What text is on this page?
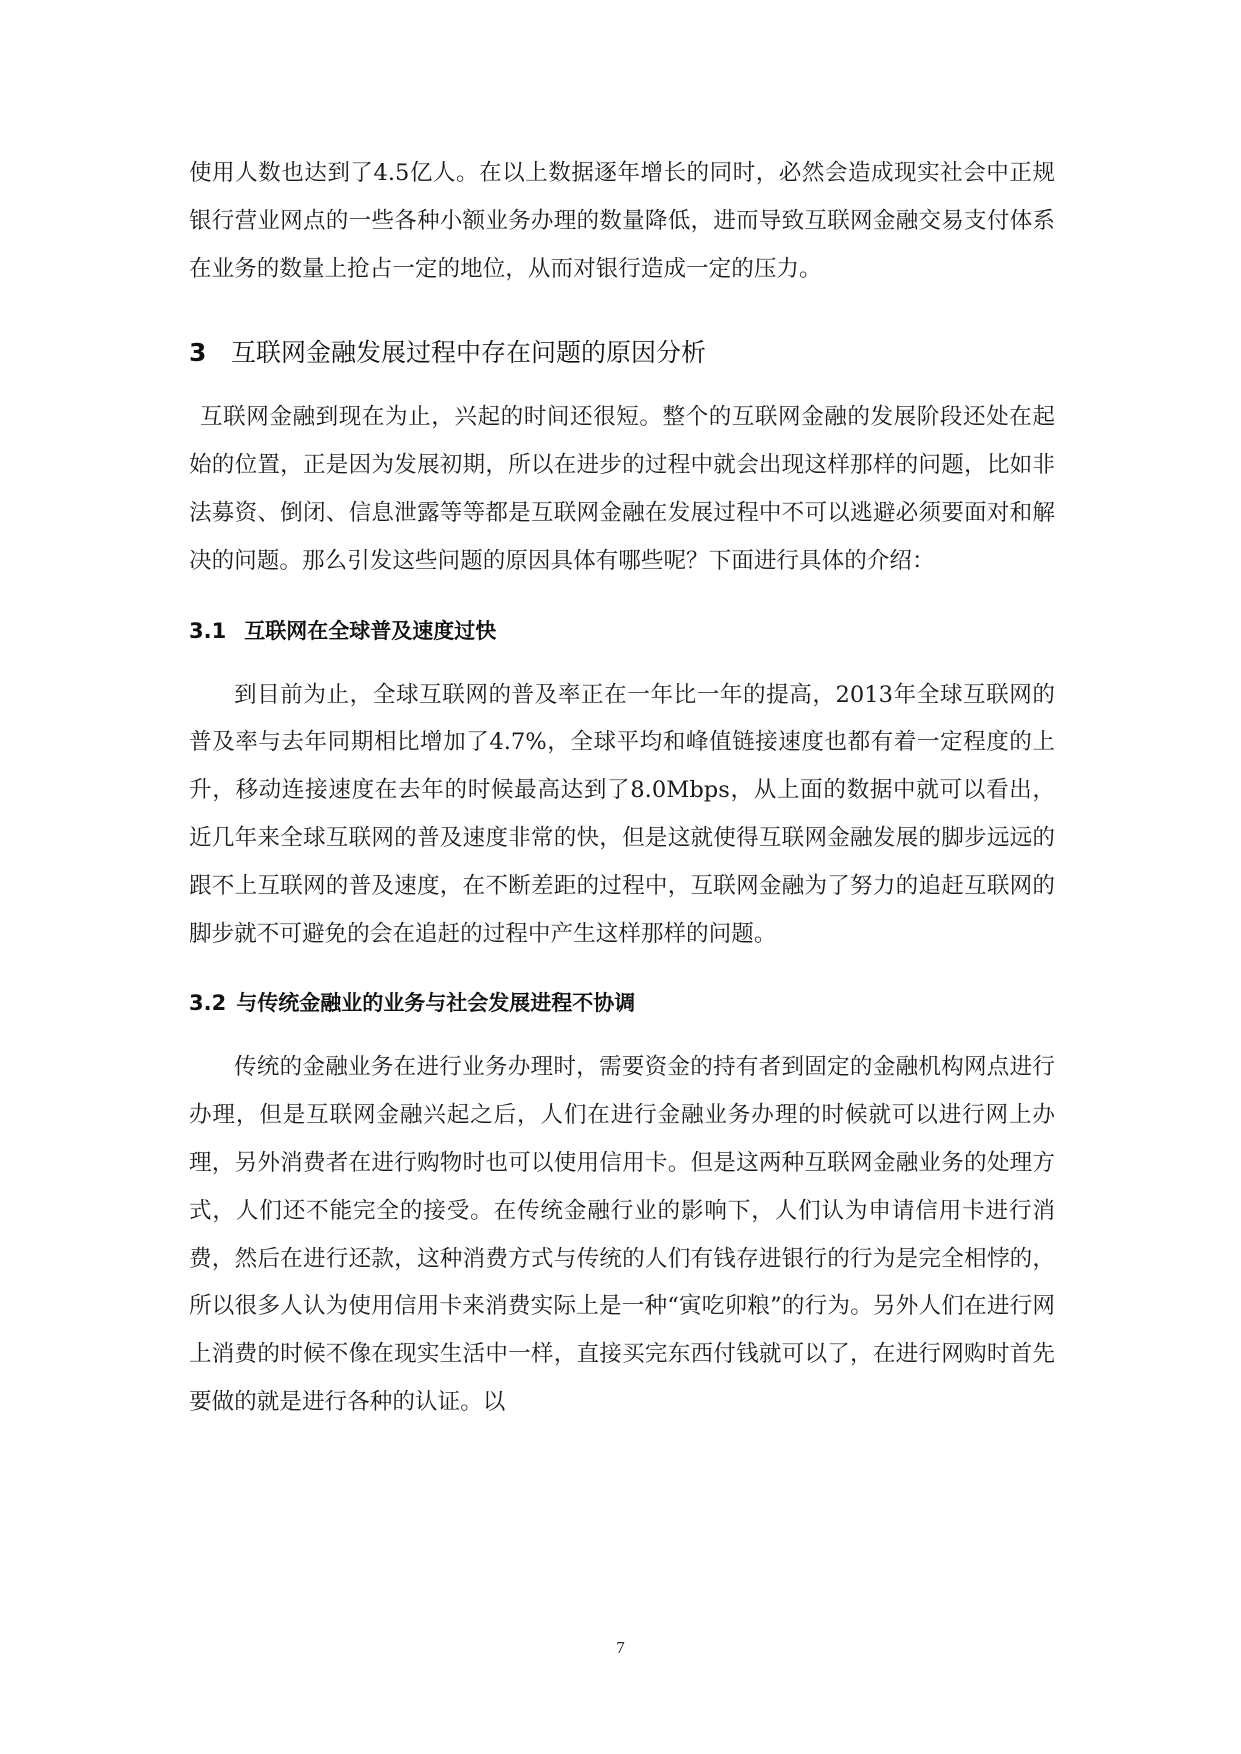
使用人数也达到了4.5亿人。在以上数据逐年增长的同时，必然会造成现实社会中正规银行营业网点的一些各种小额业务办理的数量降低，进而导致互联网金融交易支付体系在业务的数量上抢占一定的地位，从而对银行造成一定的压力。

3 互联网金融发展过程中存在问题的原因分析

互联网金融到现在为止，兴起的时间还很短。整个的互联网金融的发展阶段还处在起始的位置，正是因为发展初期，所以在进步的过程中就会出现这样那样的问题，比如非法募资、倒闭、信息泄露等等都是互联网金融在发展过程中不可以逃避必须要面对和解决的问题。那么引发这些问题的原因具体有哪些呢？下面进行具体的介绍：

3.1 互联网在全球普及速度过快

到目前为止，全球互联网的普及率正在一年比一年的提高，2013年全球互联网的普及率与去年同期相比增加了4.7%，全球平均和峰值链接速度也都有着一定程度的上升，移动连接速度在去年的时候最高达到了8.0Mbps，从上面的数据中就可以看出，近几年来全球互联网的普及速度非常的快，但是这就使得互联网金融发展的脚步远远的跟不上互联网的普及速度，在不断差距的过程中，互联网金融为了努力的追赶互联网的脚步就不可避免的会在追赶的过程中产生这样那样的问题。

3.2 与传统金融业的业务与社会发展进程不协调

传统的金融业务在进行业务办理时，需要资金的持有者到固定的金融机构网点进行办理，但是互联网金融兴起之后，人们在进行金融业务办理的时候就可以进行网上办理，另外消费者在进行购物时也可以使用信用卡。但是这两种互联网金融业务的处理方式，人们还不能完全的接受。在传统金融行业的影响下，人们认为申请信用卡进行消费，然后在进行还款，这种消费方式与传统的人们有钱存进银行的行为是完全相悖的，所以很多人认为使用信用卡来消费实际上是一种“寅吃卯粮”的行为。另外人们在进行网上消费的时候不像在现实生活中一样，直接买完东西付钱就可以了，在进行网购时首先要做的就是进行各种的认证。以

7
